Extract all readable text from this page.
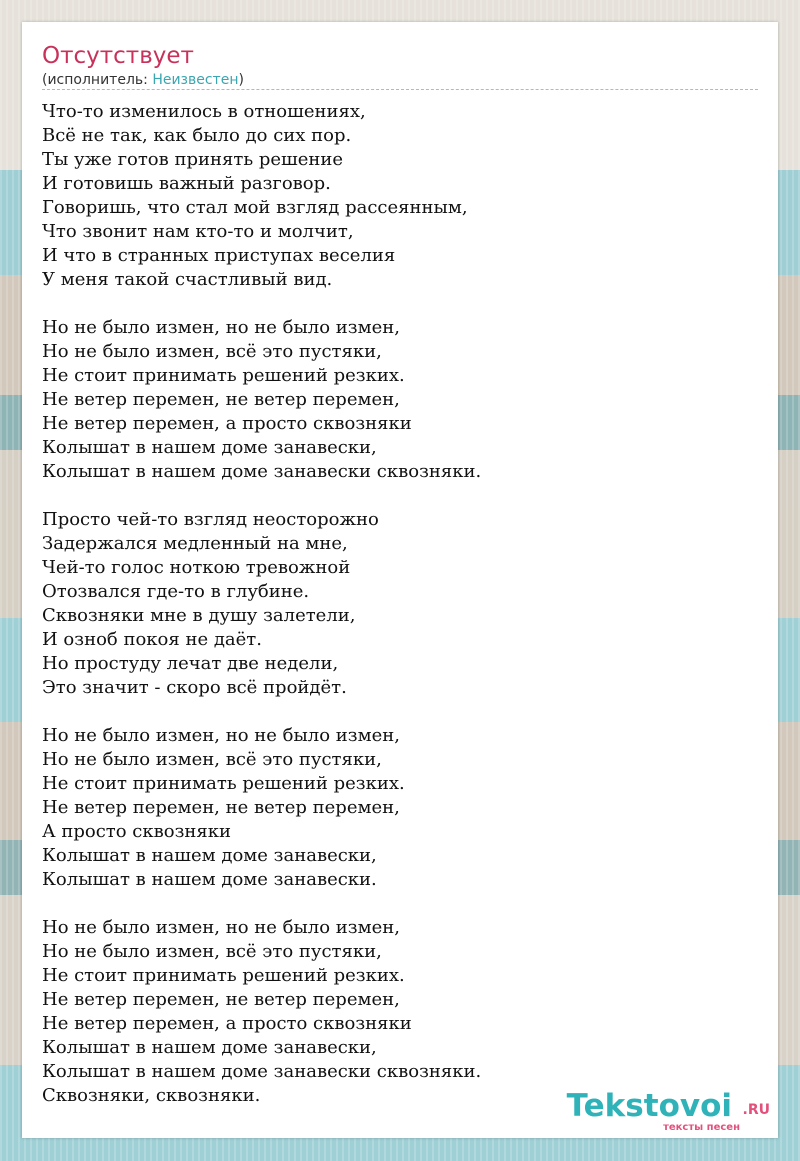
Отсутствует
(исполнитель: Неизвестен)
Что-то изменилось в отношениях,
Всё не так, как было до сих пор.
Ты уже готов принять решение
И готовишь важный разговор.
Говоришь, что стал мой взгляд рассеянным,
Что звонит нам кто-то и молчит,
И что в странных приступах веселия
У меня такой счастливый вид.
Но не было измен, но не было измен,
Но не было измен, всё это пустяки,
Не стоит принимать решений резких.
Не ветер перемен, не ветер перемен,
Не ветер перемен, а просто сквозняки
Колышат в нашем доме занавески,
Колышат в нашем доме занавески сквозняки.
Просто чей-то взгляд неосторожно
Задержался медленный на мне,
Чей-то голос ноткою тревожной
Отозвался где-то в глубине.
Сквозняки мне в душу залетели,
И озноб покоя не даёт.
Но простуду лечат две недели,
Это значит - скоро всё пройдёт.
Но не было измен, но не было измен,
Но не было измен, всё это пустяки,
Не стоит принимать решений резких.
Не ветер перемен, не ветер перемен,
А просто сквозняки
Колышат в нашем доме занавески,
Колышат в нашем доме занавески.
Но не было измен, но не было измен,
Но не было измен, всё это пустяки,
Не стоит принимать решений резких.
Не ветер перемен, не ветер перемен,
Не ветер перемен, а просто сквозняки
Колышат в нашем доме занавески,
Колышат в нашем доме занавески сквозняки.
Сквозняки, сквозняки.	Tekstovoi .RU
тексты песен
